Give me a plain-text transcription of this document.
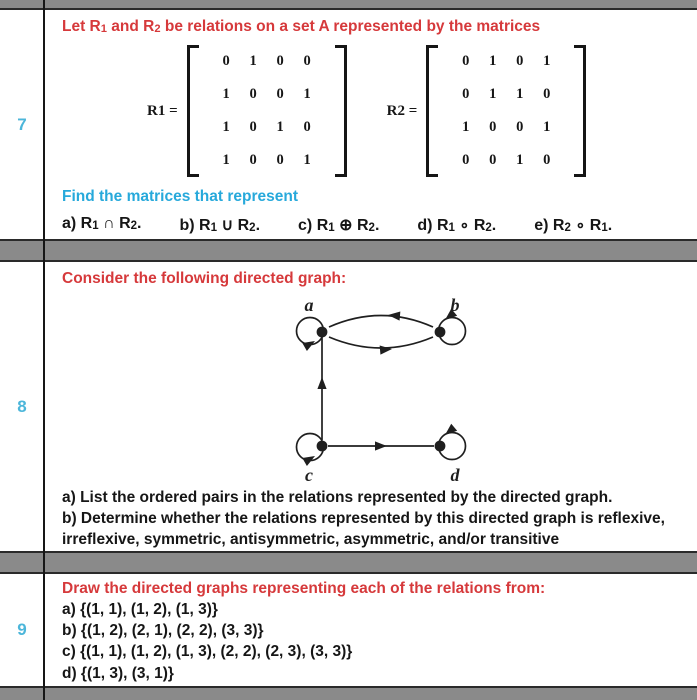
7
Let R1 and R2 be relations on a set A represented by the matrices
R1 =
0 1 0 0
1 0 0 1
1 0 1 0
1 0 0 1
R2 =
0 1 0 1
0 1 1 0
1 0 0 1
0 0 1 0
Find the matrices that represent
a) R1 ∩ R2. b) R1 ∪ R2. c) R1 ⊕ R2. d) R1 ∘ R2. e) R2 ∘ R1.
8
Consider the following directed graph:
a	b
c	d
a) List the ordered pairs in the relations represented by the directed graph.
b) Determine whether the relations represented by this directed graph is reflexive, irreflexive, symmetric, antisymmetric, asymmetric, and/or transitive
9
Draw the directed graphs representing each of the relations from:
a) {(1, 1), (1, 2), (1, 3)}
b) {(1, 2), (2, 1), (2, 2), (3, 3)}
c) {(1, 1), (1, 2), (1, 3), (2, 2), (2, 3), (3, 3)}
d) {(1, 3), (3, 1)}
